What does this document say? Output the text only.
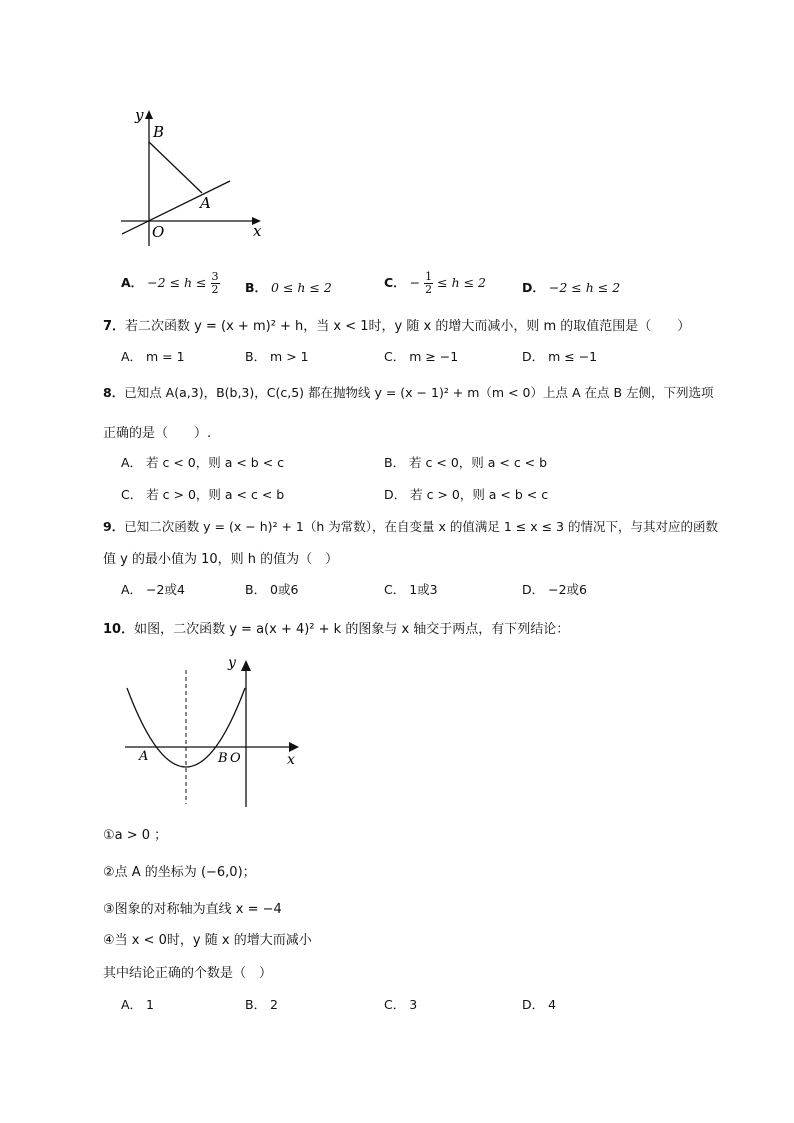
y
B
A
O	x
A． $-2 \le h \le \frac{3}{2}$ B． 0 ≤ h ≤ 2	C． − $\frac{1}{2} \le h \le 2$	D． −2 ≤ h ≤ 2
7．若二次函数 y = (x + m)² + h，当 x < 1时，y 随 x 的增大而减小，则 m 的取值范围是（　　）
A． m = 1	B． m > 1	C． m ≥ −1	D． m ≤ −1
8．已知点 A(a,3)，B(b,3)，C(c,5) 都在抛物线 y = (x − 1)² + m（m < 0）上点 A 在点 B 左侧，下列选项
正确的是（　　）.
A． 若 c < 0，则 a < b < c	B． 若 c < 0，则 a < c < b
C． 若 c > 0，则 a < c < b	D． 若 c > 0，则 a < b < c
9．已知二次函数 y = (x − h)² + 1（h 为常数），在自变量 x 的值满足 1 ≤ x ≤ 3 的情况下，与其对应的函数
值 y 的最小值为 10，则 h 的值为（　）
A． −2或4	B． 0或6	C． 1或3	D． −2或6
10．如图，二次函数 y = a(x + 4)² + k 的图象与 x 轴交于两点，有下列结论：
y
A	B O	x
①a > 0 ；
②点 A 的坐标为 (−6,0)；
③图象的对称轴为直线 x = −4
④当 x < 0时，y 随 x 的增大而减小
其中结论正确的个数是（　）
A． 1	B． 2	C． 3	D． 4
